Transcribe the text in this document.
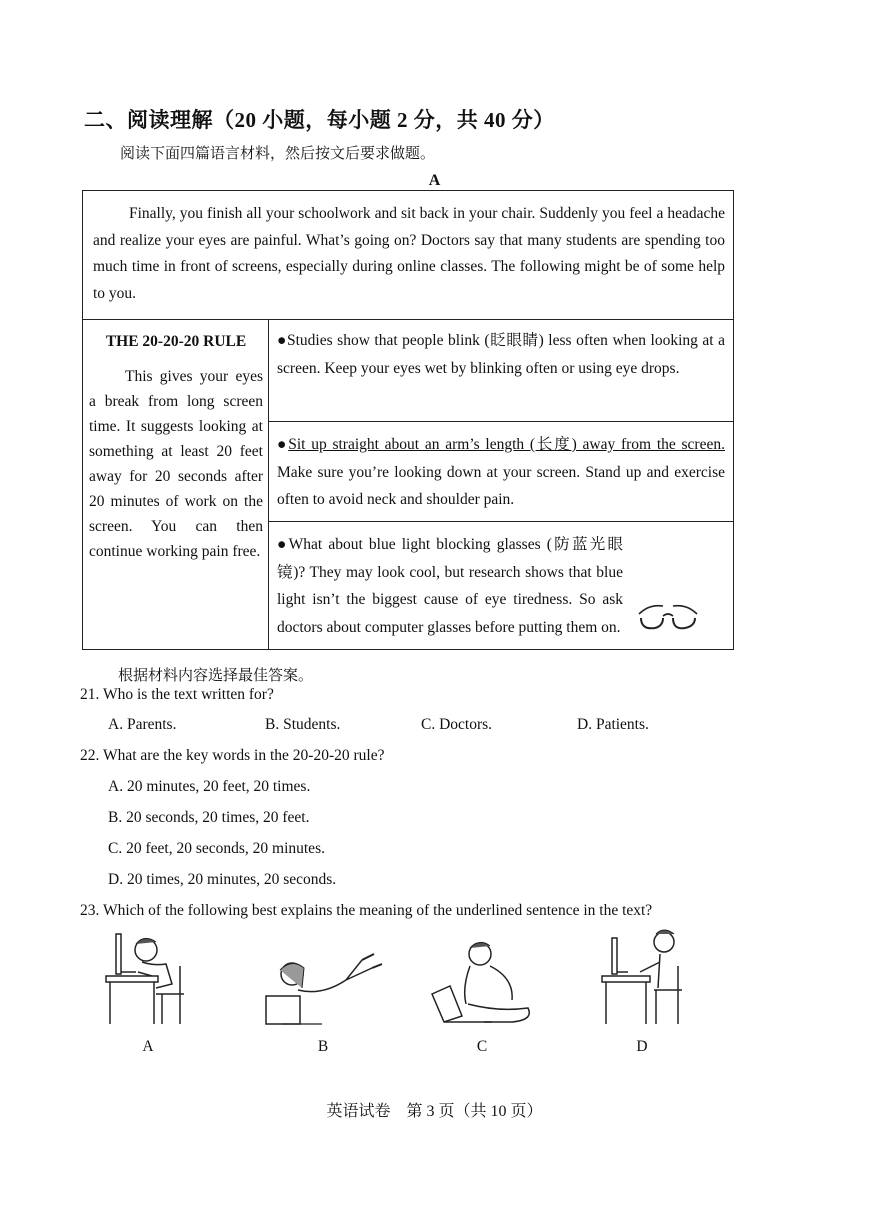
二、阅读理解（20 小题，每小题 2 分，共 40 分）
阅读下面四篇语言材料，然后按文后要求做题。
A

Finally, you finish all your schoolwork and sit back in your chair. Suddenly you feel a headache and realize your eyes are painful. What’s going on? Doctors say that many students are spending too much time in front of screens, especially during online classes. The following might be of some help to you.

THE 20-20-20 RULE
This gives your eyes a break from long screen time. It suggests looking at something at least 20 feet away for 20 seconds after 20 minutes of work on the screen. You can then continue working pain free.
●Studies show that people blink (眨眼睛) less often when looking at a screen. Keep your eyes wet by blinking often or using eye drops.
●Sit up straight about an arm’s length (长度) away from the screen. Make sure you’re looking down at your screen. Stand up and exercise often to avoid neck and shoulder pain.
●What about blue light blocking glasses (防蓝光眼镜)? They may look cool, but research shows that blue light isn’t the biggest cause of eye tiredness. So ask doctors about computer glasses before putting them on.
根据材料内容选择最佳答案。
21. Who is the text written for?
A. Parents.	B. Students.	C. Doctors.	D. Patients.
22. What are the key words in the 20-20-20 rule?
A. 20 minutes, 20 feet, 20 times.
B. 20 seconds, 20 times, 20 feet.
C. 20 feet, 20 seconds, 20 minutes.
D. 20 times, 20 minutes, 20 seconds.
23. Which of the following best explains the meaning of the underlined sentence in the text?
A	B	C	D
英语试卷　第 3 页（共 10 页）
